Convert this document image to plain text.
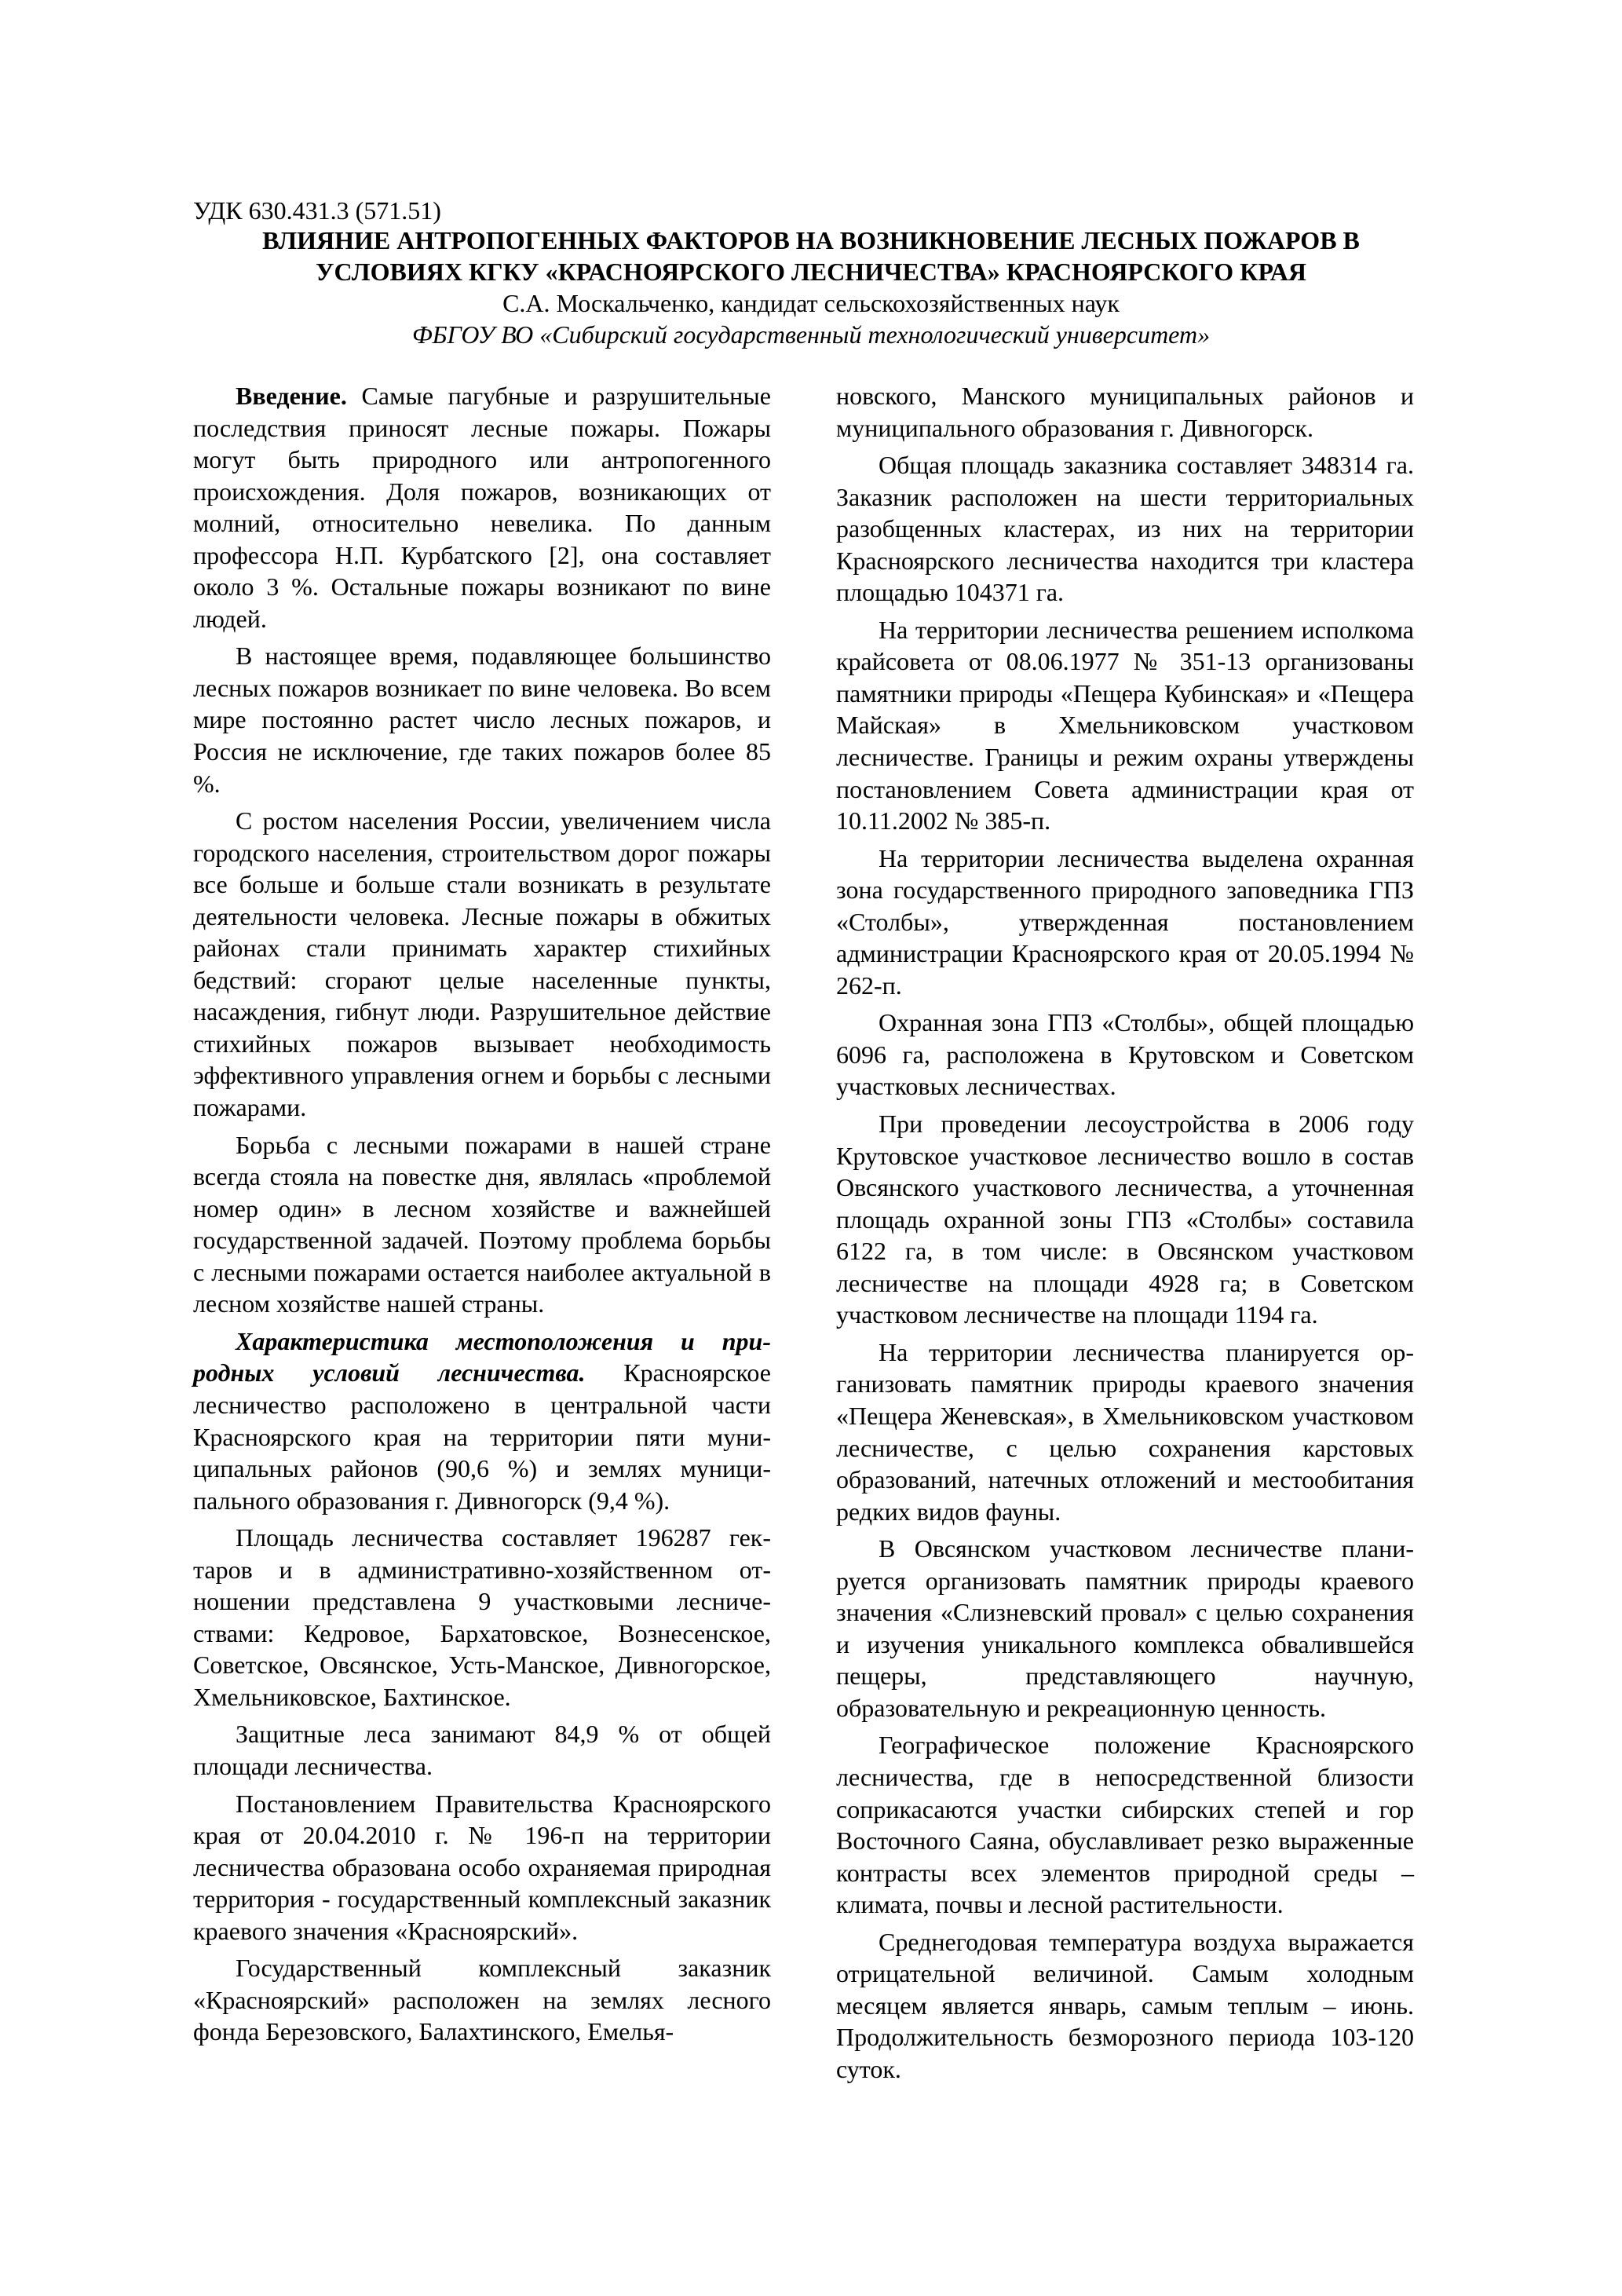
УДК 630.431.3 (571.51)
ВЛИЯНИЕ АНТРОПОГЕННЫХ ФАКТОРОВ НА ВОЗНИКНОВЕНИЕ ЛЕСНЫХ ПОЖАРОВ В
УСЛОВИЯХ КГКУ «КРАСНОЯРСКОГО ЛЕСНИЧЕСТВА» КРАСНОЯРСКОГО КРАЯ
С.А. Москальченко, кандидат сельскохозяйственных наук
ФБГОУ ВО «Сибирский государственный технологический университет»

Введение. Самые пагубные и разрушительные последствия приносят лесные пожары. Пожары могут быть природного или антропогенного происхождения. Доля пожаров, возникающих от молний, относительно невелика. По данным профессора Н.П. Курбатского [2], она составляет около 3 %. Остальные пожары возникают по вине людей.

В настоящее время, подавляющее большинство лесных пожаров возникает по вине человека. Во всем мире постоянно растет число лесных пожаров, и Россия не исключение, где таких пожаров более 85 %.

С ростом населения России, увеличением числа городского населения, строительством дорог пожары все больше и больше стали возникать в результате деятельности человека. Лесные пожары в обжитых районах стали принимать характер стихийных бедствий: сгорают целые населенные пункты, насаждения, гибнут люди. Разрушительное действие стихийных пожаров вызывает необходимость эффективного управления огнем и борьбы с лесными пожарами.

Борьба с лесными пожарами в нашей стране всегда стояла на повестке дня, являлась «проблемой номер один» в лесном хозяйстве и важнейшей государственной задачей. Поэтому проблема борьбы с лесными пожарами остается наиболее актуальной в лесном хозяйстве нашей страны.

Характеристика местоположения и природных условий лесничества. Красноярское лесничество расположено в центральной части Красноярского края на территории пяти муниципальных районов (90,6 %) и землях муниципального образования г. Дивногорск (9,4 %).

Площадь лесничества составляет 196287 гектаров и в административно-хозяйственном отношении представлена 9 участковыми лесничествами: Кедровое, Бархатовское, Вознесенское, Советское, Овсянское, Усть-Манское, Дивногорское, Хмельниковское, Бахтинское.

Защитные леса занимают 84,9 % от общей площади лесничества.

Постановлением Правительства Красноярского края от 20.04.2010 г. № 196-п на территории лесничества образована особо охраняемая природная территория - государственный комплексный заказник краевого значения «Красноярский».

Государственный комплексный заказник «Красноярский» расположен на землях лесного фонда Березовского, Балахтинского, Емелья-

новского, Манского муниципальных районов и муниципального образования г. Дивногорск.

Общая площадь заказника составляет 348314 га. Заказник расположен на шести территориальных разобщенных кластерах, из них на территории Красноярского лесничества находится три кластера площадью 104371 га.

На территории лесничества решением исполкома крайсовета от 08.06.1977 № 351-13 организованы памятники природы «Пещера Кубинская» и «Пещера Майская» в Хмельниковском участковом лесничестве. Границы и режим охраны утверждены постановлением Совета администрации края от 10.11.2002 № 385-п.

На территории лесничества выделена охранная зона государственного природного заповедника ГПЗ «Столбы», утвержденная постановлением администрации Красноярского края от 20.05.1994 № 262-п.

Охранная зона ГПЗ «Столбы», общей площадью 6096 га, расположена в Крутовском и Советском участковых лесничествах.

При проведении лесоустройства в 2006 году Крутовское участковое лесничество вошло в состав Овсянского участкового лесничества, а уточненная площадь охранной зоны ГПЗ «Столбы» составила 6122 га, в том числе: в Овсянском участковом лесничестве на площади 4928 га; в Советском участковом лесничестве на площади 1194 га.

На территории лесничества планируется организовать памятник природы краевого значения «Пещера Женевская», в Хмельниковском участковом лесничестве, с целью сохранения карстовых образований, натечных отложений и местообитания редких видов фауны.

В Овсянском участковом лесничестве планируется организовать памятник природы краевого значения «Слизневский провал» с целью сохранения и изучения уникального комплекса обвалившейся пещеры, представляющего научную, образовательную и рекреационную ценность.

Географическое положение Красноярского лесничества, где в непосредственной близости соприкасаются участки сибирских степей и гор Восточного Саяна, обуславливает резко выраженные контрасты всех элементов природной среды – климата, почвы и лесной растительности.

Среднегодовая температура воздуха выражается отрицательной величиной. Самым холодным месяцем является январь, самым теплым – июнь. Продолжительность безморозного периода 103-120 суток.
